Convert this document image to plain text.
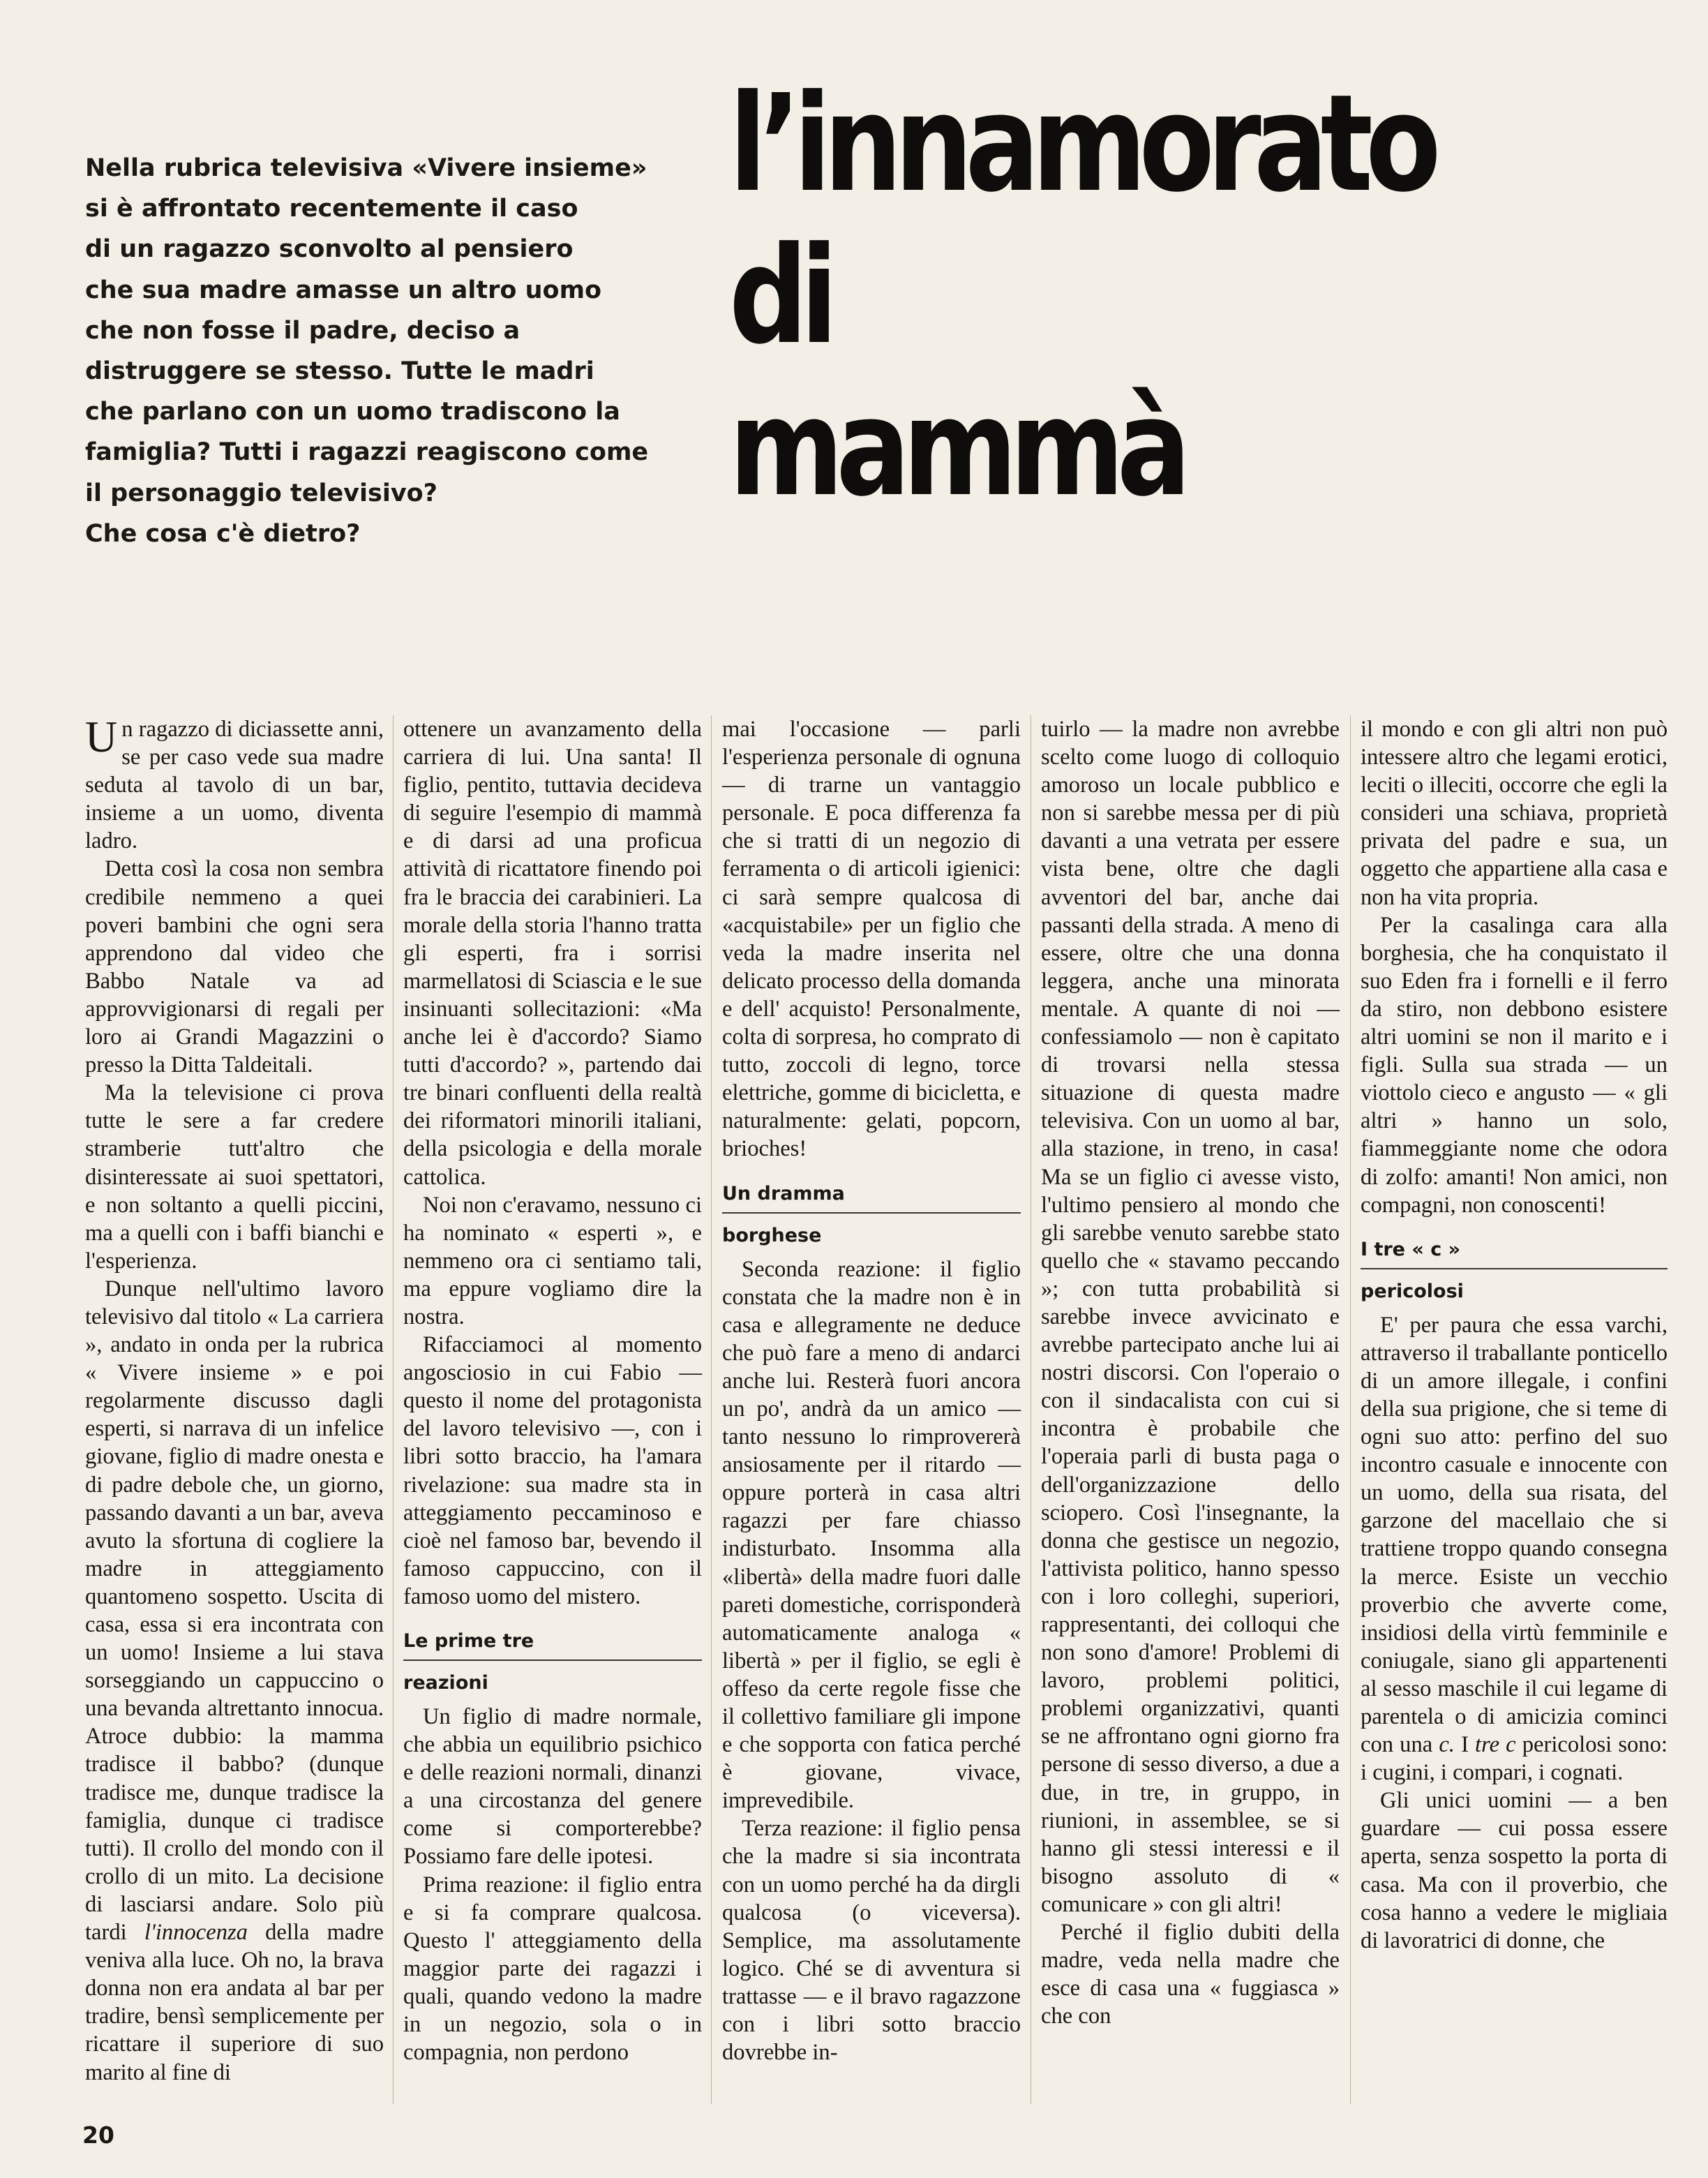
Nella rubrica televisiva «Vivere insieme»
si è affrontato recentemente il caso
di un ragazzo sconvolto al pensiero
che sua madre amasse un altro uomo
che non fosse il padre, deciso a
distruggere se stesso. Tutte le madri
che parlano con un uomo tradiscono la
famiglia? Tutti i ragazzi reagiscono come
il personaggio televisivo?
Che cosa c'è dietro?
l’innamorato
di
mammà

Un ragazzo di diciassette anni, se per caso vede sua madre seduta al tavolo di un bar, insieme a un uomo, diventa ladro.

Detta così la cosa non sembra credibile nemmeno a quei poveri bambini che ogni sera apprendono dal video che Babbo Natale va ad approvvigionarsi di regali per loro ai Grandi Magazzini o presso la Ditta Taldeitali.

Ma la televisione ci prova tutte le sere a far credere stramberie tutt'altro che disinteressate ai suoi spettatori, e non soltanto a quelli piccini, ma a quelli con i baffi bianchi e l'esperienza.

Dunque nell'ultimo lavoro televisivo dal titolo « La carriera », andato in onda per la rubrica « Vivere insieme » e poi regolarmente discusso dagli esperti, si narrava di un infelice giovane, figlio di madre onesta e di padre debole che, un giorno, passando davanti a un bar, aveva avuto la sfortuna di cogliere la madre in atteggiamento quantomeno sospetto. Uscita di casa, essa si era incontrata con un uomo! Insieme a lui stava sorseggiando un cappuccino o una bevanda altrettanto innocua. Atroce dubbio: la mamma tradisce il babbo? (dunque tradisce me, dunque tradisce la famiglia, dunque ci tradisce tutti). Il crollo del mondo con il crollo di un mito. La decisione di lasciarsi andare. Solo più tardi l'innocenza della madre veniva alla luce. Oh no, la brava donna non era andata al bar per tradire, bensì semplicemente per ricattare il superiore di suo marito al fine di

ottenere un avanzamento della carriera di lui. Una santa! Il figlio, pentito, tuttavia decideva di seguire l'esempio di mammà e di darsi ad una proficua attività di ricattatore finendo poi fra le braccia dei carabinieri. La morale della storia l'hanno tratta gli esperti, fra i sorrisi marmellatosi di Sciascia e le sue insinuanti sollecitazioni: «Ma anche lei è d'accordo? Siamo tutti d'accordo? », partendo dai tre binari confluenti della realtà dei riformatori minorili italiani, della psicologia e della morale cattolica.

Noi non c'eravamo, nessuno ci ha nominato « esperti », e nemmeno ora ci sentiamo tali, ma eppure vogliamo dire la nostra.

Rifacciamoci al momento angosciosio in cui Fabio — questo il nome del protagonista del lavoro televisivo —, con i libri sotto braccio, ha l'amara rivelazione: sua madre sta in atteggiamento peccaminoso e cioè nel famoso bar, bevendo il famoso cappuccino, con il famoso uomo del mistero.

Le prime tre
reazioni

Un figlio di madre normale, che abbia un equilibrio psichico e delle reazioni normali, dinanzi a una circostanza del genere come si comporterebbe? Possiamo fare delle ipotesi.

Prima reazione: il figlio entra e si fa comprare qualcosa. Questo l' atteggiamento della maggior parte dei ragazzi i quali, quando vedono la madre in un negozio, sola o in compagnia, non perdono

mai l'occasione — parli l'esperienza personale di ognuna — di trarne un vantaggio personale. E poca differenza fa che si tratti di un negozio di ferramenta o di articoli igienici: ci sarà sempre qualcosa di «acquistabile» per un figlio che veda la madre inserita nel delicato processo della domanda e dell' acquisto! Personalmente, colta di sorpresa, ho comprato di tutto, zoccoli di legno, torce elettriche, gomme di bicicletta, e naturalmente: gelati, popcorn, brioches!

Un dramma
borghese

Seconda reazione: il figlio constata che la madre non è in casa e allegramente ne deduce che può fare a meno di andarci anche lui. Resterà fuori ancora un po', andrà da un amico — tanto nessuno lo rimprovererà ansiosamente per il ritardo — oppure porterà in casa altri ragazzi per fare chiasso indisturbato. Insomma alla «libertà» della madre fuori dalle pareti domestiche, corrisponderà automaticamente analoga « libertà » per il figlio, se egli è offeso da certe regole fisse che il collettivo familiare gli impone e che sopporta con fatica perché è giovane, vivace, imprevedibile.

Terza reazione: il figlio pensa che la madre si sia incontrata con un uomo perché ha da dirgli qualcosa (o viceversa). Semplice, ma assolutamente logico. Ché se di avventura si trattasse — e il bravo ragazzone con i libri sotto braccio dovrebbe in-

tuirlo — la madre non avrebbe scelto come luogo di colloquio amoroso un locale pubblico e non si sarebbe messa per di più davanti a una vetrata per essere vista bene, oltre che dagli avventori del bar, anche dai passanti della strada. A meno di essere, oltre che una donna leggera, anche una minorata mentale. A quante di noi — confessiamolo — non è capitato di trovarsi nella stessa situazione di questa madre televisiva. Con un uomo al bar, alla stazione, in treno, in casa! Ma se un figlio ci avesse visto, l'ultimo pensiero al mondo che gli sarebbe venuto sarebbe stato quello che « stavamo peccando »; con tutta probabilità si sarebbe invece avvicinato e avrebbe partecipato anche lui ai nostri discorsi. Con l'operaio o con il sindacalista con cui si incontra è probabile che l'operaia parli di busta paga o dell'organizzazione dello sciopero. Così l'insegnante, la donna che gestisce un negozio, l'attivista politico, hanno spesso con i loro colleghi, superiori, rappresentanti, dei colloqui che non sono d'amore! Problemi di lavoro, problemi politici, problemi organizzativi, quanti se ne affrontano ogni giorno fra persone di sesso diverso, a due a due, in tre, in gruppo, in riunioni, in assemblee, se si hanno gli stessi interessi e il bisogno assoluto di « comunicare » con gli altri!

Perché il figlio dubiti della madre, veda nella madre che esce di casa una « fuggiasca » che con

il mondo e con gli altri non può intessere altro che legami erotici, leciti o illeciti, occorre che egli la consideri una schiava, proprietà privata del padre e sua, un oggetto che appartiene alla casa e non ha vita propria.

Per la casalinga cara alla borghesia, che ha conquistato il suo Eden fra i fornelli e il ferro da stiro, non debbono esistere altri uomini se non il marito e i figli. Sulla sua strada — un viottolo cieco e angusto — « gli altri » hanno un solo, fiammeggiante nome che odora di zolfo: amanti! Non amici, non compagni, non conoscenti!

I tre « c »
pericolosi

E' per paura che essa varchi, attraverso il traballante ponticello di un amore illegale, i confini della sua prigione, che si teme di ogni suo atto: perfino del suo incontro casuale e innocente con un uomo, della sua risata, del garzone del macellaio che si trattiene troppo quando consegna la merce. Esiste un vecchio proverbio che avverte come, insidiosi della virtù femminile e coniugale, siano gli appartenenti al sesso maschile il cui legame di parentela o di amicizia cominci con una c. I tre c pericolosi sono: i cugini, i compari, i cognati.

Gli unici uomini — a ben guardare — cui possa essere aperta, senza sospetto la porta di casa. Ma con il proverbio, che cosa hanno a vedere le migliaia di lavoratrici di donne, che

20
